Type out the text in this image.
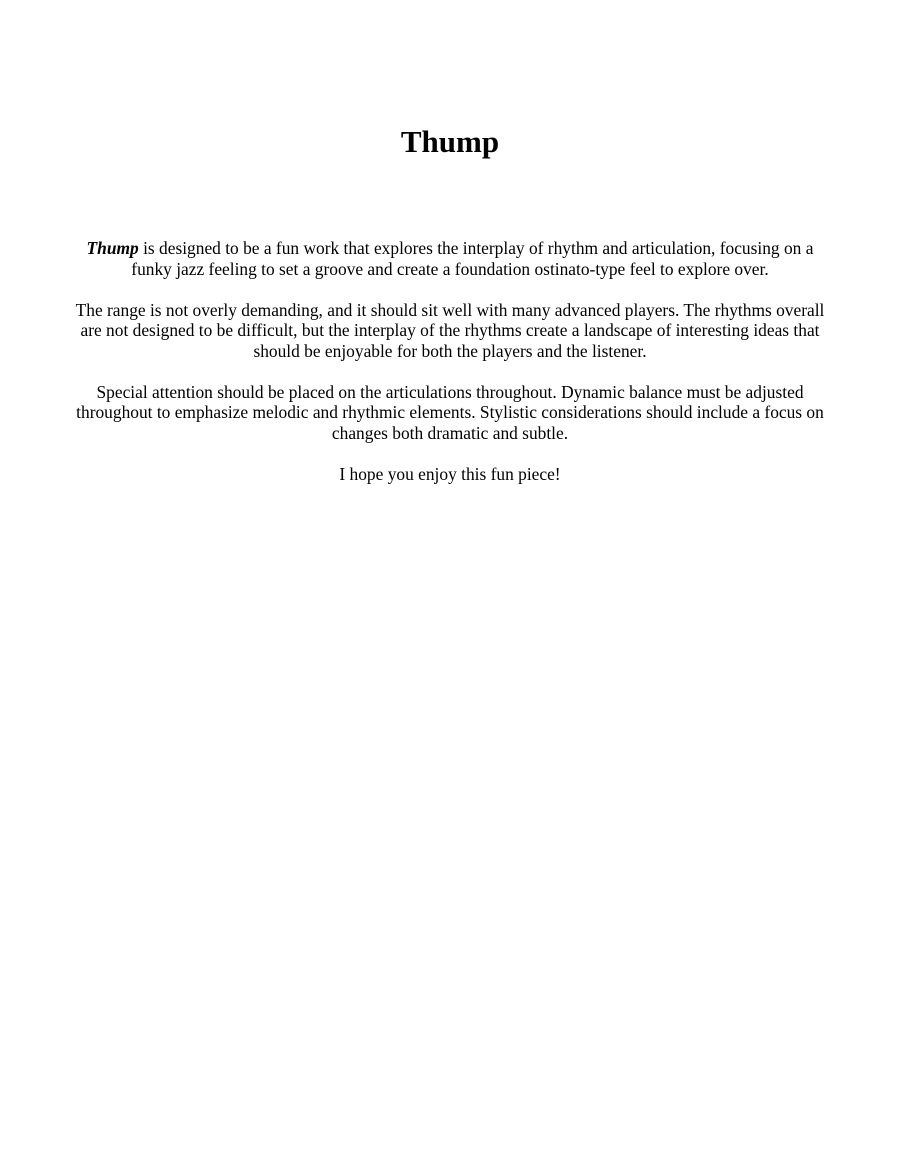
Thump

Thump is designed to be a fun work that explores the interplay of rhythm and articulation, focusing on a funky jazz feeling to set a groove and create a foundation ostinato-type feel to explore over.

The range is not overly demanding, and it should sit well with many advanced players. The rhythms overall are not designed to be difficult, but the interplay of the rhythms create a landscape of interesting ideas that should be enjoyable for both the players and the listener.

Special attention should be placed on the articulations throughout. Dynamic balance must be adjusted throughout to emphasize melodic and rhythmic elements. Stylistic considerations should include a focus on changes both dramatic and subtle.

I hope you enjoy this fun piece!
